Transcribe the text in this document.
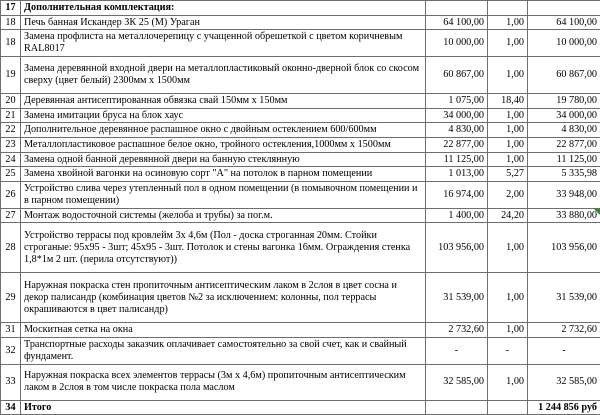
17	Дополнительная комплектация:			
18	Печь банная Искандер ЗК 25 (М) Ураган	64 100,00	1,00	64 100,00
18	Замена профлиста на металлочерепицу с учащенной обрешеткой с цветом коричневым RAL8017	10 000,00	1,00	10 000,00
19	Замена деревянной входной двери на металлопластиковый оконно-дверной блок со скосом сверху (цвет белый) 2300мм х 1500мм	60 867,00	1,00	60 867,00
20	Деревянная антисептированная обвязка свай 150мм х 150мм	1 075,00	18,40	19 780,00
21	Замена имитации бруса на блок хаус	34 000,00	1,00	34 000,00
22	Дополнительное деревянное распашное окно с двойным остеклением 600/600мм	4 830,00	1,00	4 830,00
23	Металлопластиковое распашное белое окно, тройного остекления,1000мм х 1500мм	22 877,00	1,00	22 877,00
24	Замена одной банной деревянной двери на банную стеклянную	11 125,00	1,00	11 125,00
25	Замена хвойной вагонки на осиновую сорт "А" на потолок в парном помещении	1 013,00	5,27	5 335,98
26	Устройство слива через утепленный пол в одном помещении (в помывочном помещении и в парном помещении)	16 974,00	2,00	33 948,00
27	Монтаж водосточной системы (желоба и трубы) за пог.м.	1 400,00	24,20	33 880,00
28	Устройство террасы под кровлейм 3х 4,6м (Пол - доска строганная 20мм. Стойки строганые: 95х95 - 3шт; 45х95 - 3шт. Потолок и стены вагонка 16мм. Ограждения стенка 1,8*1м 2 шт. (перила отсутствуют))	103 956,00	1,00	103 956,00
29	Наружная покраска стен пропиточным антисептическим лаком в 2слоя в цвет сосна и декор палисандр (комбинация цветов №2 за исключением: колонны, пол террасы окрашиваются в цвет палисандр)	31 539,00	1,00	31 539,00
31	Москитная сетка на окна	2 732,60	1,00	2 732,60
32	Транспортные расходы заказчик оплачивает самостоятельно за свой счет, как и свайный фундамент.	-	-	-
33	Наружная покраска всех элементов террасы (3м х 4,6м) пропиточным антисептическим лаком в 2слоя в том числе покраска пола маслом	32 585,00	1,00	32 585,00
34	Итого			1 244 856 руб
